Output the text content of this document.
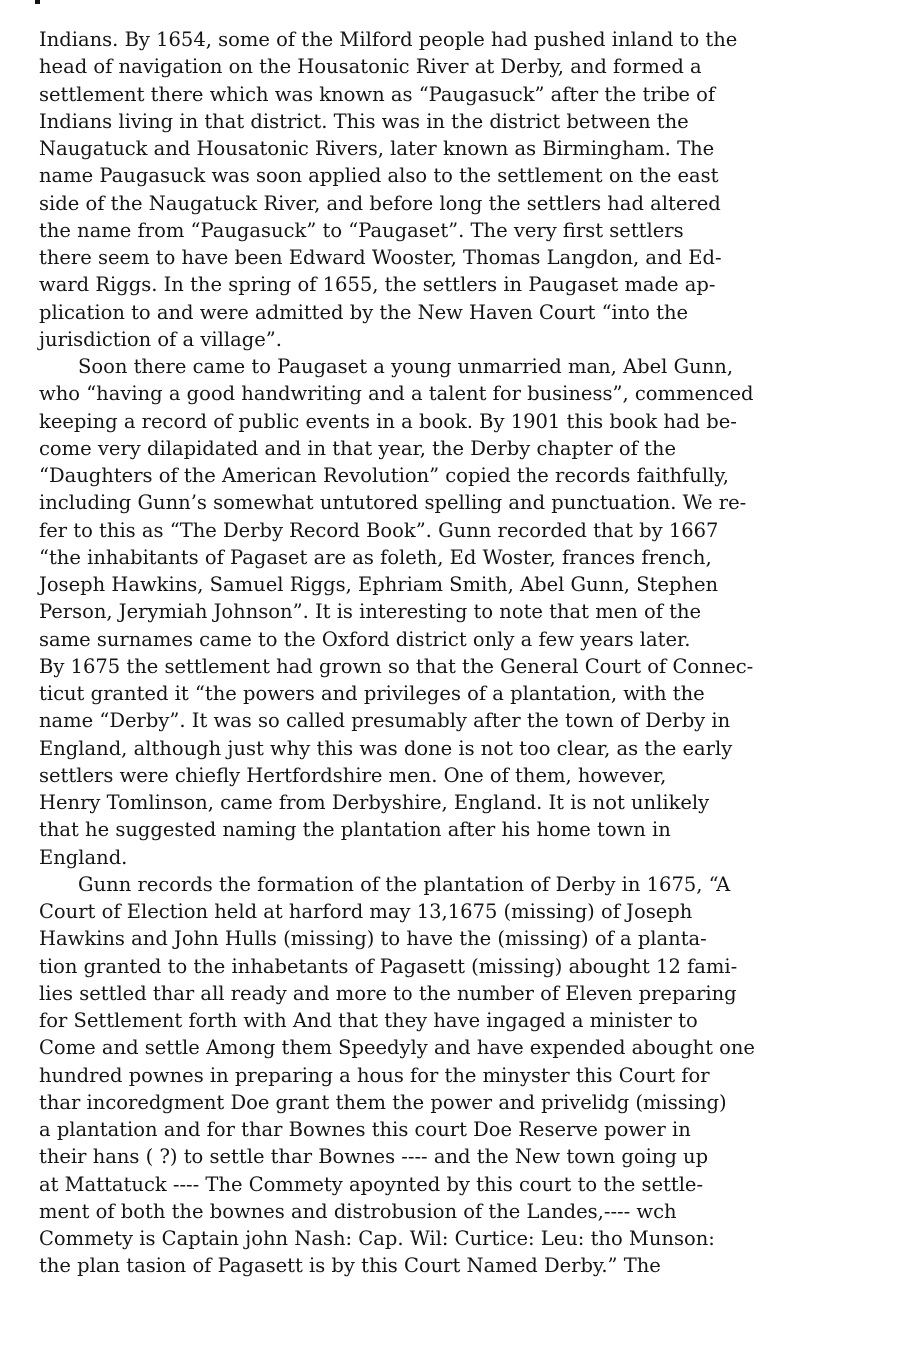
Indians. By 1654, some of the Milford people had pushed inland to the
head of navigation on the Housatonic River at Derby, and formed a
settlement there which was known as “Paugasuck” after the tribe of
Indians living in that district. This was in the district between the
Naugatuck and Housatonic Rivers, later known as Birmingham. The
name Paugasuck was soon applied also to the settlement on the east
side of the Naugatuck River, and before long the settlers had altered
the name from “Paugasuck” to “Paugaset”. The very first settlers
there seem to have been Edward Wooster, Thomas Langdon, and Ed-
ward Riggs. In the spring of 1655, the settlers in Paugaset made ap-
plication to and were admitted by the New Haven Court “into the
jurisdiction of a village”.
Soon there came to Paugaset a young unmarried man, Abel Gunn,
who “having a good handwriting and a talent for business”, commenced
keeping a record of public events in a book. By 1901 this book had be-
come very dilapidated and in that year, the Derby chapter of the
“Daughters of the American Revolution” copied the records faithfully,
including Gunn’s somewhat untutored spelling and punctuation. We re-
fer to this as “The Derby Record Book”. Gunn recorded that by 1667
“the inhabitants of Pagaset are as foleth, Ed Woster, frances french,
Joseph Hawkins, Samuel Riggs, Ephriam Smith, Abel Gunn, Stephen
Person, Jerymiah Johnson”. It is interesting to note that men of the
same surnames came to the Oxford district only a few years later.
By 1675 the settlement had grown so that the General Court of Connec-
ticut granted it “the powers and privileges of a plantation, with the
name “Derby”. It was so called presumably after the town of Derby in
England, although just why this was done is not too clear, as the early
settlers were chiefly Hertfordshire men. One of them, however,
Henry Tomlinson, came from Derbyshire, England. It is not unlikely
that he suggested naming the plantation after his home town in
England.
Gunn records the formation of the plantation of Derby in 1675, “A
Court of Election held at harford may 13,1675 (missing) of Joseph
Hawkins and John Hulls (missing) to have the (missing) of a planta-
tion granted to the inhabetants of Pagasett (missing) abought 12 fami-
lies settled thar all ready and more to the number of Eleven preparing
for Settlement forth with And that they have ingaged a minister to
Come and settle Among them Speedyly and have expended abought one
hundred pownes in preparing a hous for the minyster this Court for
thar incoredgment Doe grant them the power and privelidg (missing)
a plantation and for thar Bownes this court Doe Reserve power in
their hans ( ?) to settle thar Bownes ---- and the New town going up
at Mattatuck ---- The Commety apoynted by this court to the settle-
ment of both the bownes and distrobusion of the Landes,---- wch
Commety is Captain john Nash: Cap. Wil: Curtice: Leu: tho Munson:
the plan tasion of Pagasett is by this Court Named Derby.” The
